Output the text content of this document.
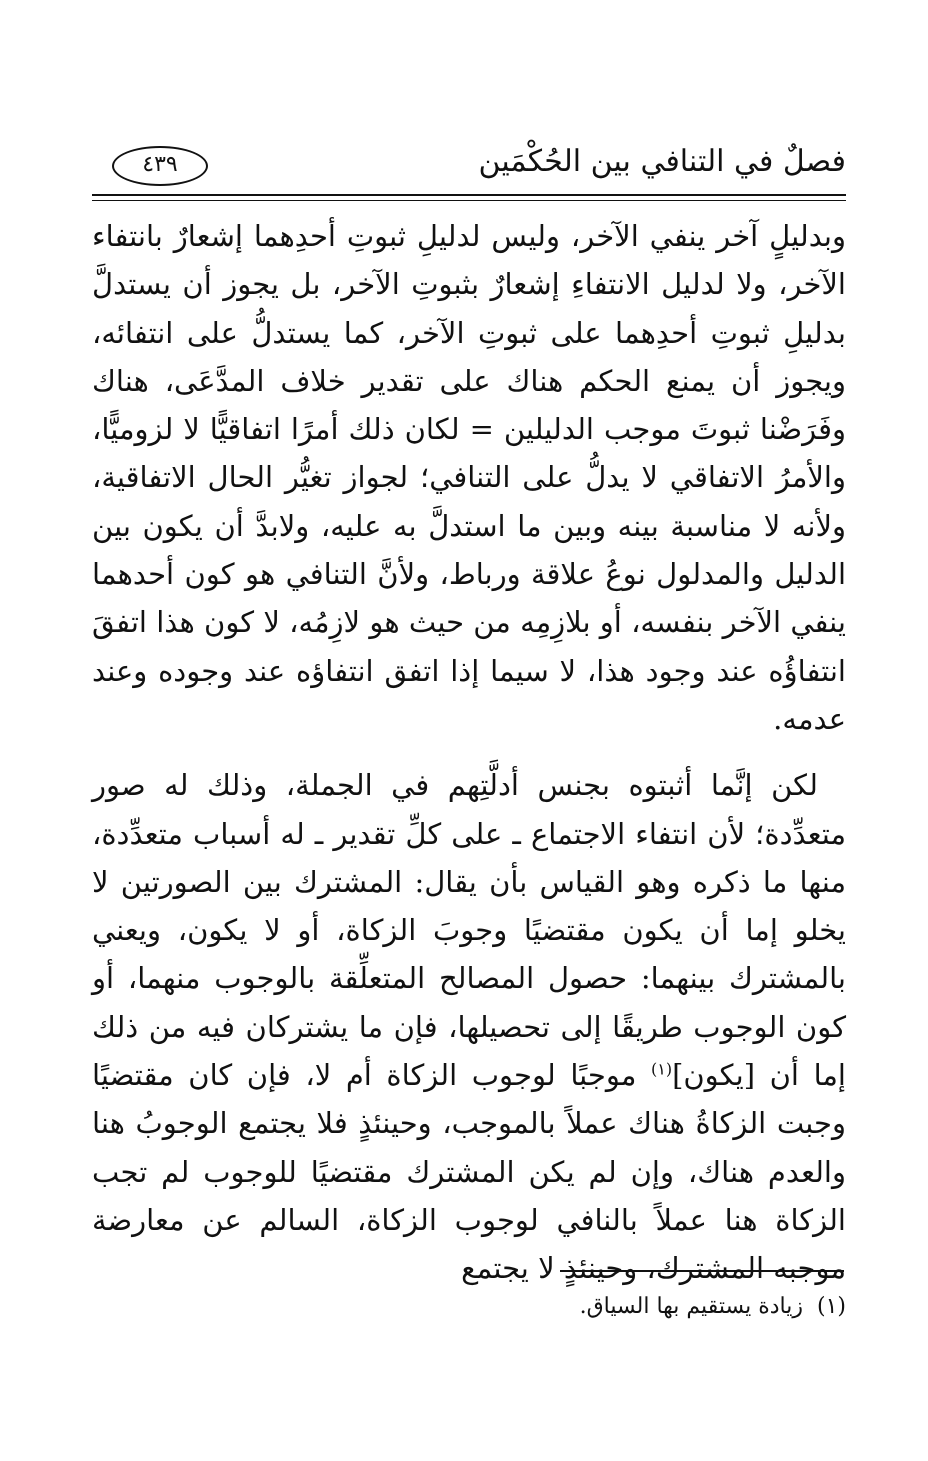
فصلٌ في التنافي بين الحُكْمَين
٤٣٩

وبدليلٍ آخر ينفي الآخر، وليس لدليلِ ثبوتِ أحدِهما إشعارٌ بانتفاء الآخر، ولا لدليل الانتفاءِ إشعارٌ بثبوتِ الآخر، بل يجوز أن يستدلَّ بدليلِ ثبوتِ أحدِهما على ثبوتِ الآخر، كما يستدلُّ على انتفائه، ويجوز أن يمنع الحكم هناك على تقدير خلاف المدَّعَى، هناك وفَرَضْنا ثبوتَ موجب الدليلين = لكان ذلك أمرًا اتفاقيًّا لا لزوميًّا، والأمرُ الاتفاقي لا يدلُّ على التنافي؛ لجواز تغيُّر الحال الاتفاقية، ولأنه لا مناسبة بينه وبين ما استدلَّ به عليه، ولابدَّ أن يكون بين الدليل والمدلول نوعُ علاقة ورباط، ولأنَّ التنافي هو كون أحدهما ينفي الآخر بنفسه، أو بلازِمِه من حيث هو لازِمُه، لا كون هذا اتفقَ انتفاؤُه عند وجود هذا، لا سيما إذا اتفق انتفاؤه عند وجوده وعند عدمه.

لكن إنَّما أثبتوه بجنس أدلَّتِهم في الجملة، وذلك له صور متعدِّدة؛ لأن انتفاء الاجتماع ـ على كلِّ تقدير ـ له أسباب متعدِّدة، منها ما ذكره وهو القياس بأن يقال: المشترك بين الصورتين لا يخلو إما أن يكون مقتضيًا وجوبَ الزكاة، أو لا يكون، ويعني بالمشترك بينهما: حصول المصالح المتعلِّقة بالوجوب منهما، أو كون الوجوب طريقًا إلى تحصيلها، فإن ما يشتركان فيه من ذلك إما أن [يكون]$^{(١)}$ موجبًا لوجوب الزكاة أم لا، فإن كان مقتضيًا وجبت الزكاةُ هناك عملاً بالموجب، وحينئذٍ فلا يجتمع الوجوبُ هنا والعدم هناك، وإن لم يكن المشترك مقتضيًا للوجوب لم تجب الزكاة هنا عملاً بالنافي لوجوب الزكاة، السالم عن معارضة موجبه المشترك، وحينئذٍ لا يجتمع

(١)زيادة يستقيم بها السياق.
